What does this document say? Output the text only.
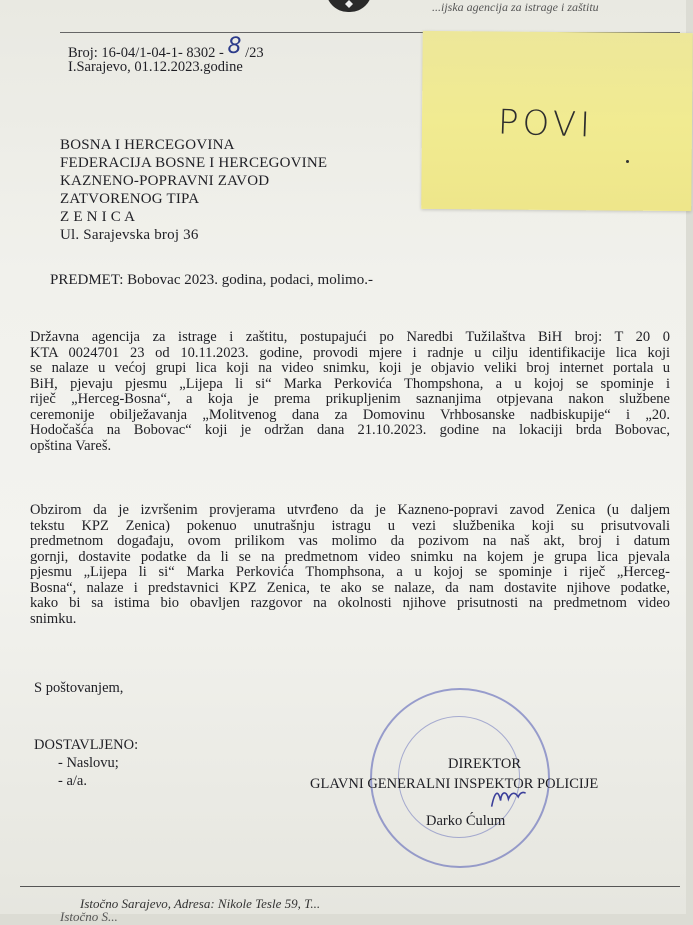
...ijska agencija za istrage i zaštitu
Broj: 16-04/1-04-1- 8302 - 8 /23
I.Sarajevo, 01.12.2023.godine
POVI
BOSNA I HERCEGOVINA
FEDERACIJA BOSNE I HERCEGOVINE
KAZNENO-POPRAVNI ZAVOD
ZATVORENOG TIPA
Z E N I C A
Ul. Sarajevska broj 36
PREDMET: Bobovac 2023. godina, podaci, molimo.-
Državna agencija za istrage i zaštitu, postupajući po Naredbi Tužilaštva BiH broj: T 20 0
KTA 0024701 23 od 10.11.2023. godine, provodi mjere i radnje u cilju identifikacije lica koji
se nalaze u većoj grupi lica koji na video snimku, koji je objavio veliki broj internet portala u
BiH, pjevaju pjesmu „Lijepa li si“ Marka Perkovića Thompshona, a u kojoj se spominje i
riječ „Herceg-Bosna“, a koja je prema prikupljenim saznanjima otpjevana nakon službene
ceremonije obilježavanja „Molitvenog dana za Domovinu Vrhbosanske nadbiskupije“ i „20.
Hodočašća na Bobovac“ koji je održan dana 21.10.2023. godine na lokaciji brda Bobovac,
opština Vareš.
Obzirom da je izvršenim provjerama utvrđeno da je Kazneno-popravi zavod Zenica (u daljem
tekstu KPZ Zenica) pokenuo unutrašnju istragu u vezi službenika koji su prisutvovali
predmetnom događaju, ovom prilikom vas molimo da pozivom na naš akt, broj i datum
gornji, dostavite podatke da li se na predmetnom video snimku na kojem je grupa lica pjevala
pjesmu „Lijepa li si“ Marka Perkovića Thomphsona, a u kojoj se spominje i riječ „Herceg-
Bosna“, nalaze i predstavnici KPZ Zenica, te ako se nalaze, da nam dostavite njihove podatke,
kako bi sa istima bio obavljen razgovor na okolnosti njihove prisutnosti na predmetnom video
snimku.
S poštovanjem,
DOSTAVLJENO:
- Naslovu;
- a/a.
DIREKTOR
GLAVNI GENERALNI INSPEKTOR POLICIJE
Darko Ćulum
Istočno Sarajevo, Adresa: Nikole Tesle 59, T...
Istočno S...
